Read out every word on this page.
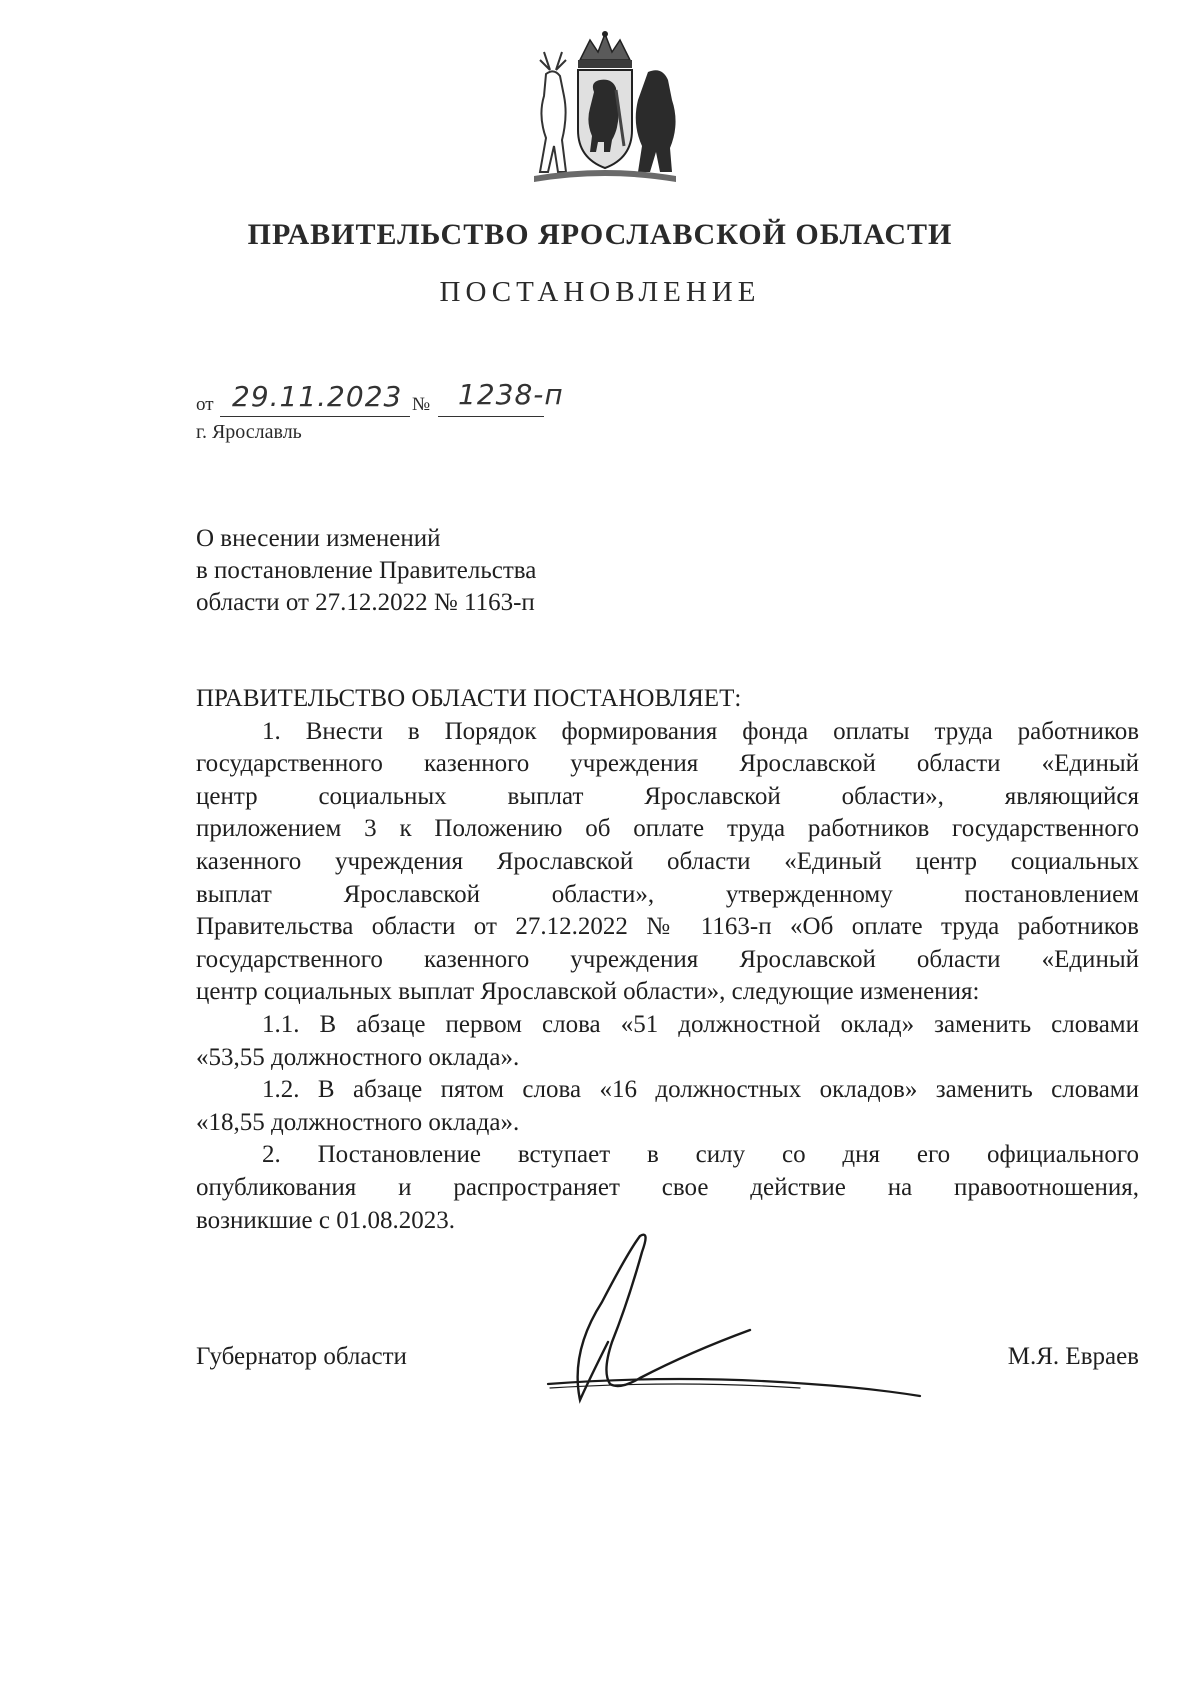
ПРАВИТЕЛЬСТВО ЯРОСЛАВСКОЙ ОБЛАСТИ
ПОСТАНОВЛЕНИЕ
от 29.11.2023 № 1238-п
г. Ярославль
О внесении изменений
в постановление Правительства
области от 27.12.2022 № 1163-п
ПРАВИТЕЛЬСТВО ОБЛАСТИ ПОСТАНОВЛЯЕТ:
1. Внести в Порядок формирования фонда оплаты труда работников
государственного казенного учреждения Ярославской области «Единый
центр социальных выплат Ярославской области», являющийся
приложением 3 к Положению об оплате труда работников государственного
казенного учреждения Ярославской области «Единый центр социальных
выплат Ярославской области», утвержденному постановлением
Правительства области от 27.12.2022 № 1163-п «Об оплате труда работников
государственного казенного учреждения Ярославской области «Единый
центр социальных выплат Ярославской области», следующие изменения:
1.1. В абзаце первом слова «51 должностной оклад» заменить словами
«53,55 должностного оклада».
1.2. В абзаце пятом слова «16 должностных окладов» заменить словами
«18,55 должностного оклада».
2. Постановление вступает в силу со дня его официального
опубликования и распространяет свое действие на правоотношения,
возникшие с 01.08.2023.
Губернатор области	М.Я. Евраев
